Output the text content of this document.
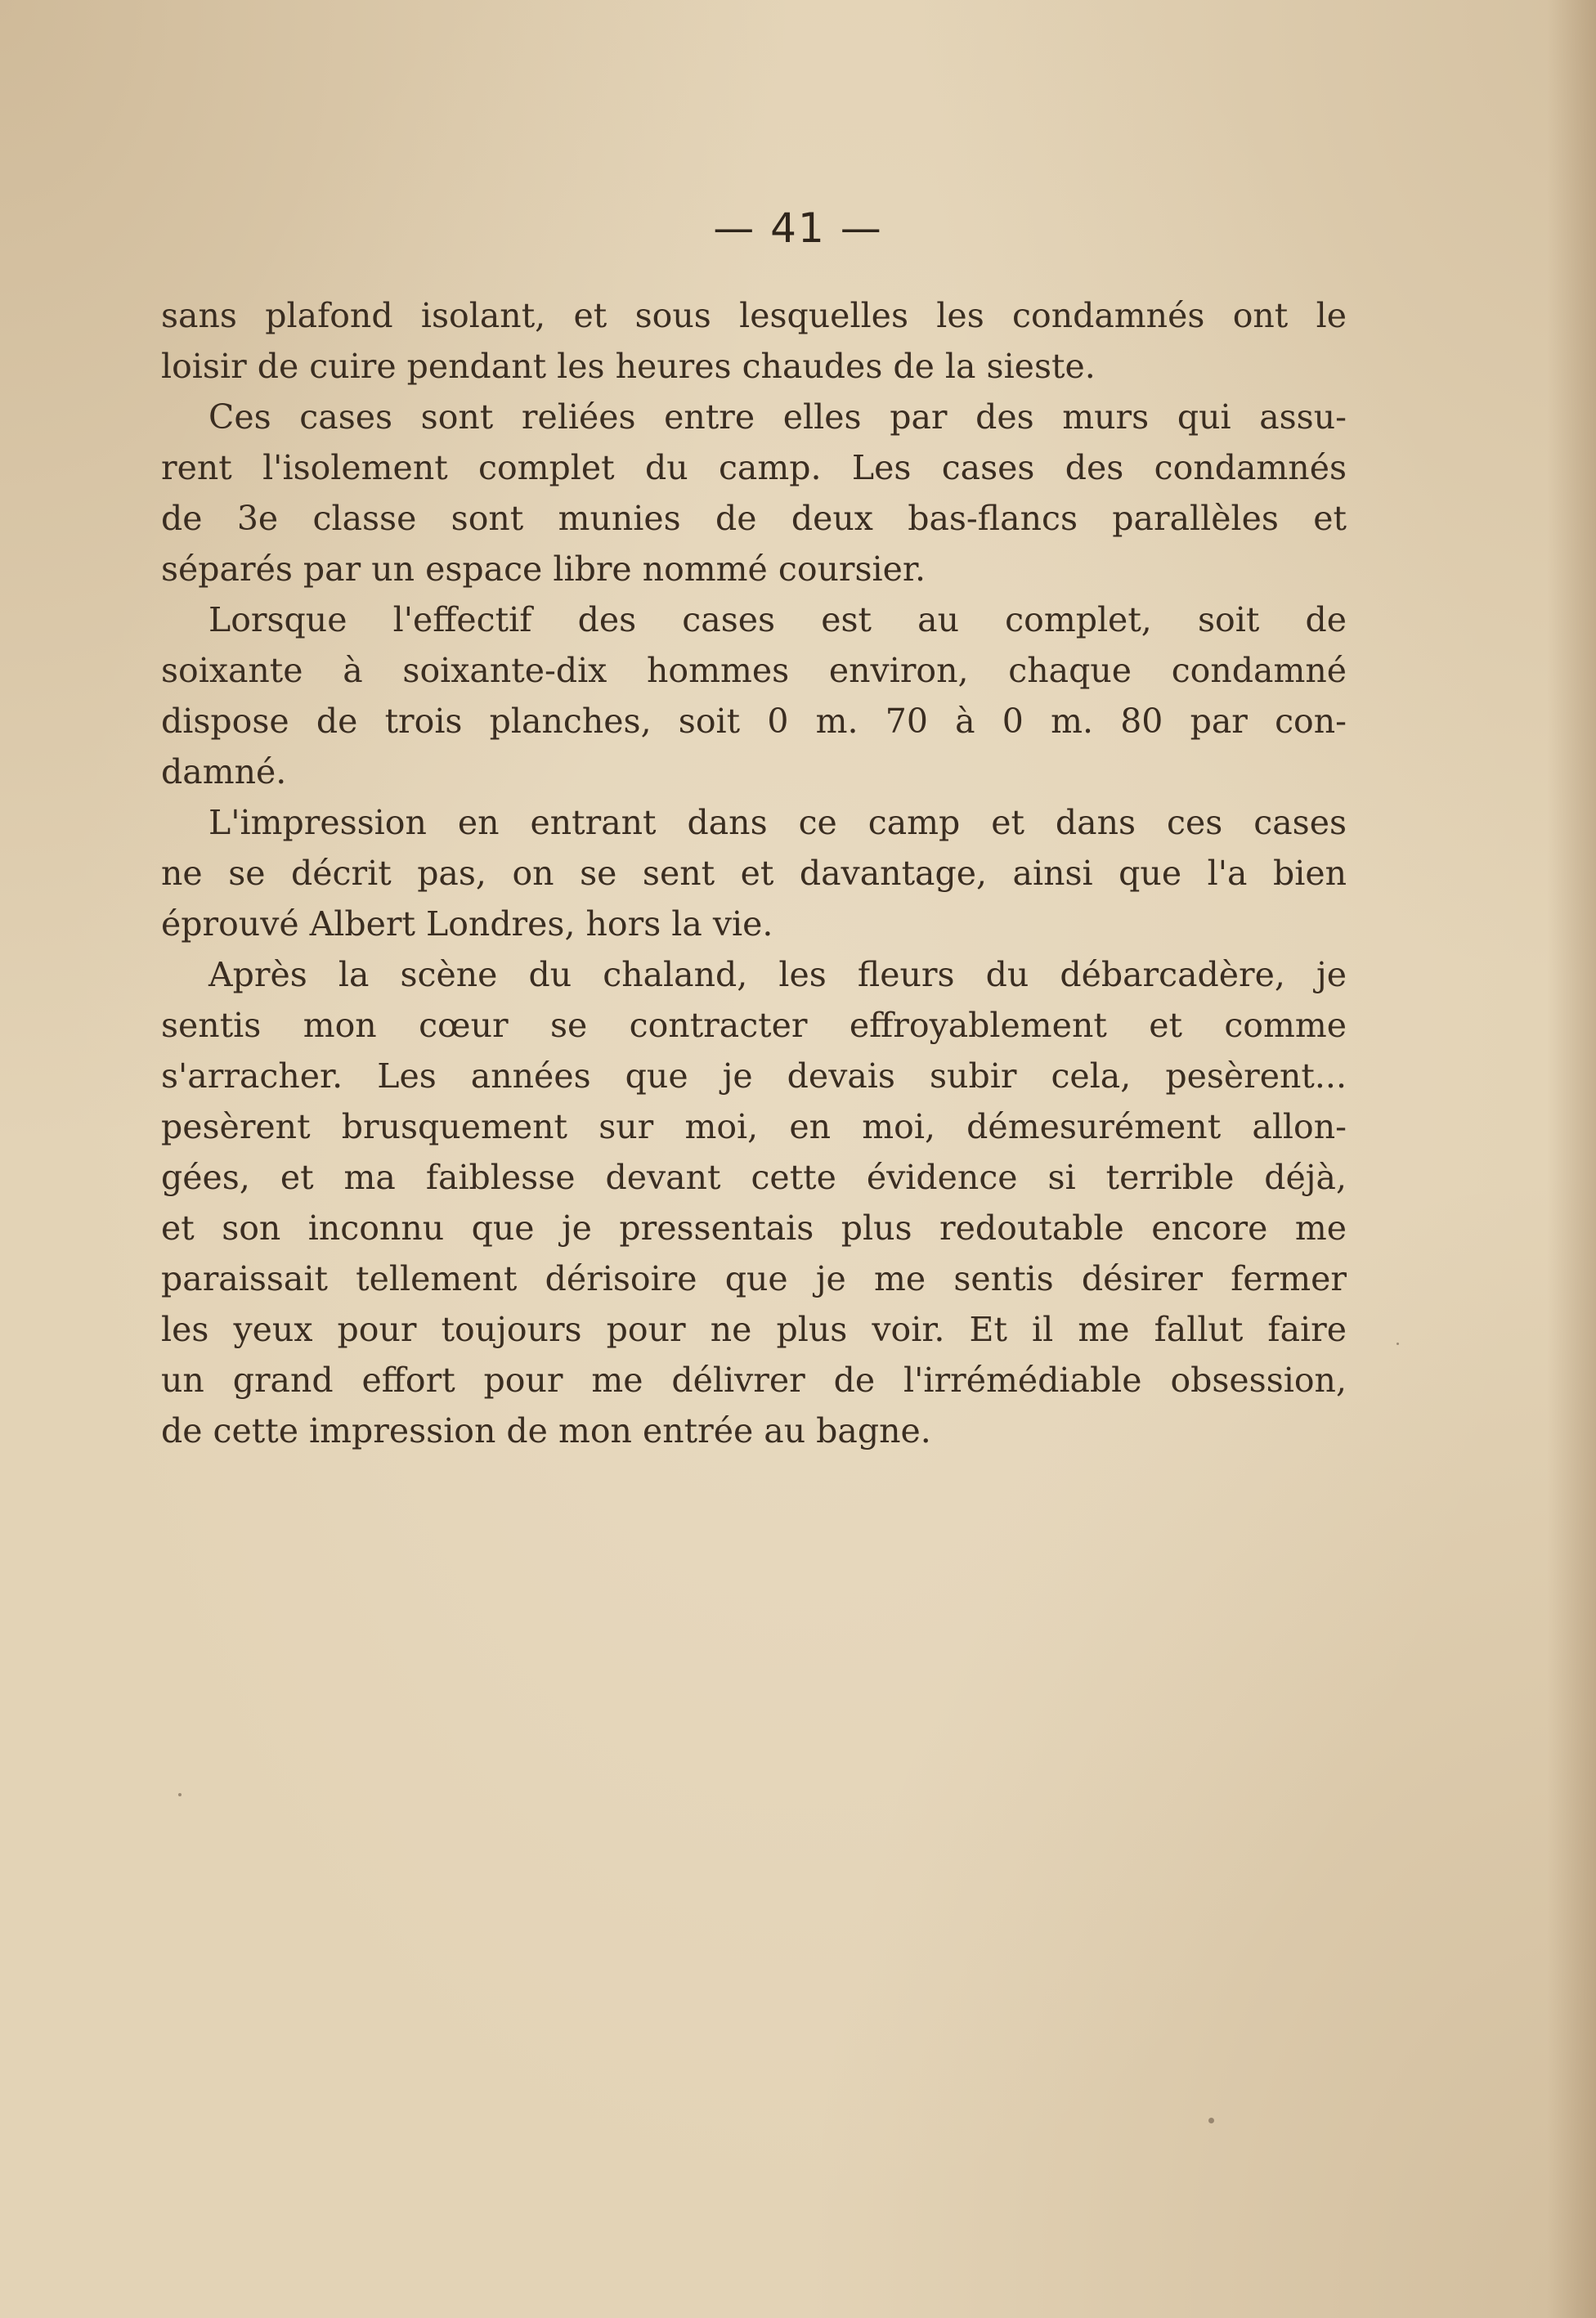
— 41 —
sans plafond isolant, et sous lesquelles les condamnés ont le
loisir de cuire pendant les heures chaudes de la sieste.
Ces cases sont reliées entre elles par des murs qui assu-
rent l'isolement complet du camp. Les cases des condamnés
de 3e classe sont munies de deux bas-flancs parallèles et
séparés par un espace libre nommé coursier.
Lorsque l'effectif des cases est au complet, soit de
soixante à soixante-dix hommes environ, chaque condamné
dispose de trois planches, soit 0 m. 70 à 0 m. 80 par con-
damné.
L'impression en entrant dans ce camp et dans ces cases
ne se décrit pas, on se sent et davantage, ainsi que l'a bien
éprouvé Albert Londres, hors la vie.
Après la scène du chaland, les fleurs du débarcadère, je
sentis mon cœur se contracter effroyablement et comme
s'arracher. Les années que je devais subir cela, pesèrent...
pesèrent brusquement sur moi, en moi, démesurément allon-
gées, et ma faiblesse devant cette évidence si terrible déjà,
et son inconnu que je pressentais plus redoutable encore me
paraissait tellement dérisoire que je me sentis désirer fermer
les yeux pour toujours pour ne plus voir. Et il me fallut faire
un grand effort pour me délivrer de l'irrémédiable obsession,
de cette impression de mon entrée au bagne.
